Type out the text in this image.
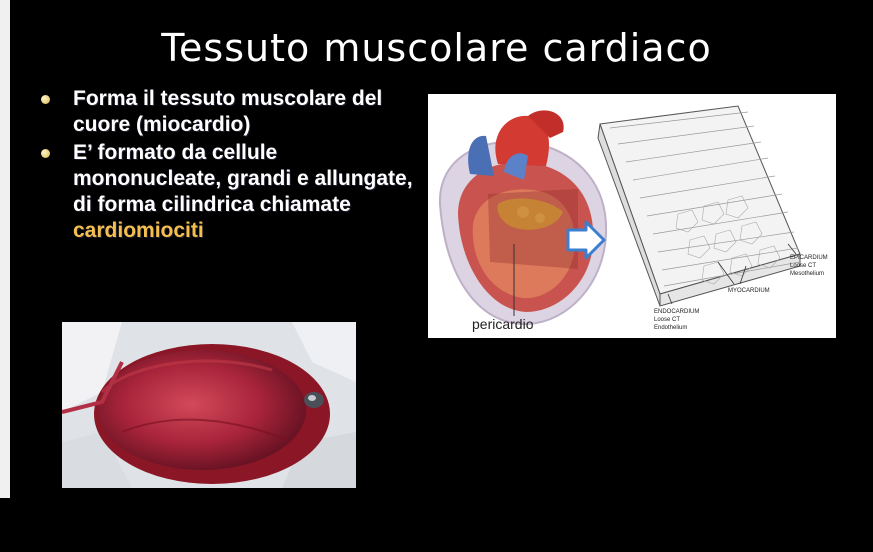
Tessuto muscolare cardiaco
Forma il tessuto muscolare del cuore (miocardio)
E’ formato da cellule mononucleate, grandi e allungate, di forma cilindrica chiamate cardiomiociti
pericardio
EPICARDIUM
Loose CT
Mesothelium
MYOCARDIUM
ENDOCARDIUM
Loose CT
Endothelium
